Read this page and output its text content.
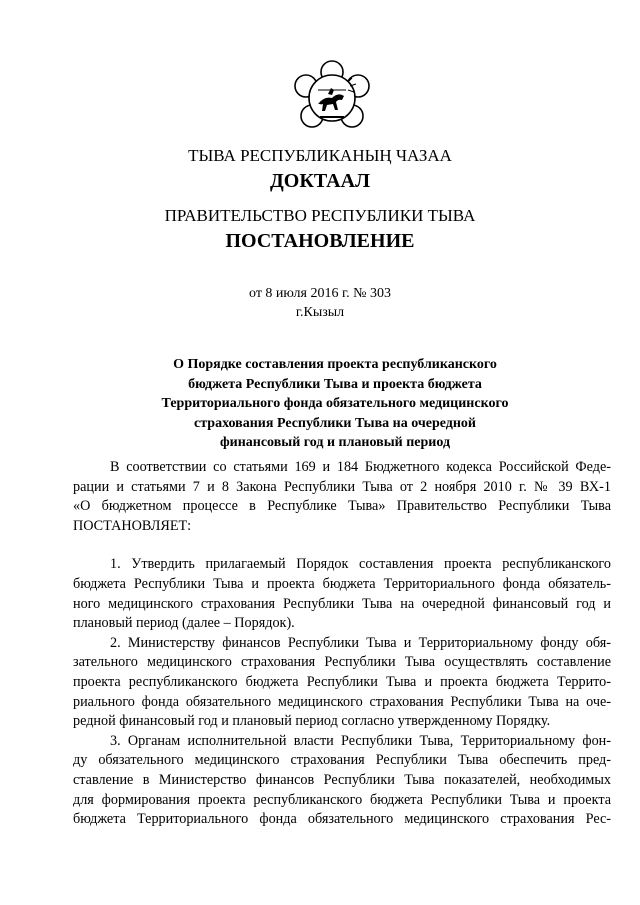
ТЫВА РЕСПУБЛИКАНЫҢ ЧАЗАА
ДОКТААЛ
ПРАВИТЕЛЬСТВО РЕСПУБЛИКИ ТЫВА
ПОСТАНОВЛЕНИЕ
от 8 июля 2016 г. № 303
г.Кызыл
О Порядке составления проекта республиканского
бюджета Республики Тыва и проекта бюджета
Территориального фонда обязательного медицинского
страхования Республики Тыва на очередной
финансовый год и плановый период
В соответствии со статьями 169 и 184 Бюджетного кодекса Российской Феде-
рации и статьями 7 и 8 Закона Республики Тыва от 2 ноября 2010 г. № 39 ВХ-1
«О бюджетном процессе в Республике Тыва» Правительство Республики Тыва
ПОСТАНОВЛЯЕТ:
1. Утвердить прилагаемый Порядок составления проекта республиканского
бюджета Республики Тыва и проекта бюджета Территориального фонда обязатель-
ного медицинского страхования Республики Тыва на очередной финансовый год и
плановый период (далее – Порядок).
2. Министерству финансов Республики Тыва и Территориальному фонду обя-
зательного медицинского страхования Республики Тыва осуществлять составление
проекта республиканского бюджета Республики Тыва и проекта бюджета Террито-
риального фонда обязательного медицинского страхования Республики Тыва на оче-
редной финансовый год и плановый период согласно утвержденному Порядку.
3. Органам исполнительной власти Республики Тыва, Территориальному фон-
ду обязательного медицинского страхования Республики Тыва обеспечить пред-
ставление в Министерство финансов Республики Тыва показателей, необходимых
для формирования проекта республиканского бюджета Республики Тыва и проекта
бюджета Территориального фонда обязательного медицинского страхования Рес-
